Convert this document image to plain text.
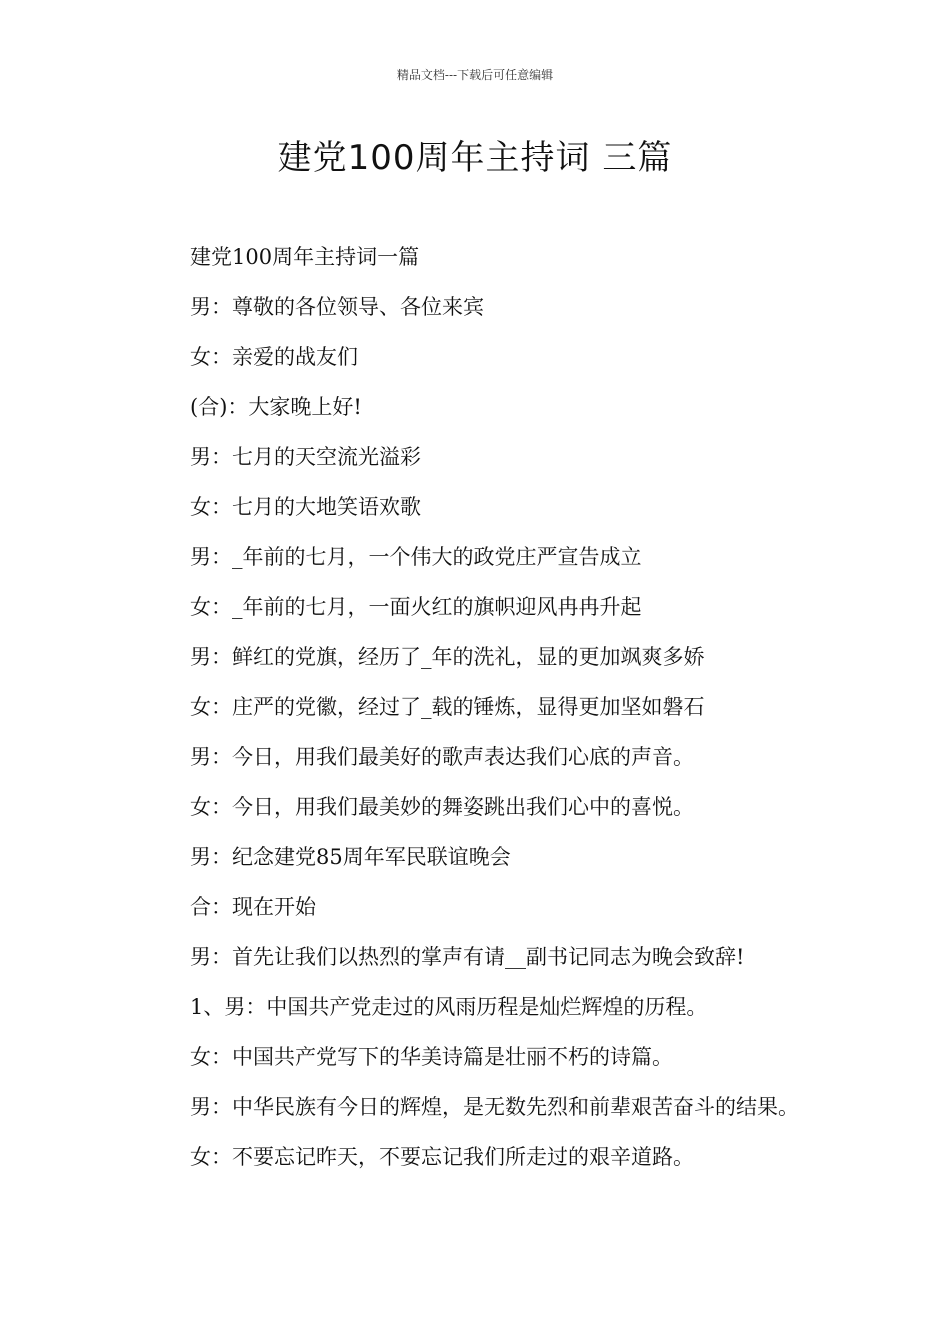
精品文档---下载后可任意编辑
建党100周年主持词 三篇

建党100周年主持词一篇

男：尊敬的各位领导、各位来宾

女：亲爱的战友们

(合)：大家晚上好!

男：七月的天空流光溢彩

女：七月的大地笑语欢歌

男：_年前的七月，一个伟大的政党庄严宣告成立

女：_年前的七月，一面火红的旗帜迎风冉冉升起

男：鲜红的党旗，经历了_年的洗礼，显的更加飒爽多娇

女：庄严的党徽，经过了_载的锤炼，显得更加坚如磐石

男：今日，用我们最美好的歌声表达我们心底的声音。

女：今日，用我们最美妙的舞姿跳出我们心中的喜悦。

男：纪念建党85周年军民联谊晚会

合：现在开始

男：首先让我们以热烈的掌声有请__副书记同志为晚会致辞!

1、男：中国共产党走过的风雨历程是灿烂辉煌的历程。

女：中国共产党写下的华美诗篇是壮丽不朽的诗篇。

男：中华民族有今日的辉煌，是无数先烈和前辈艰苦奋斗的结果。

女：不要忘记昨天，不要忘记我们所走过的艰辛道路。
